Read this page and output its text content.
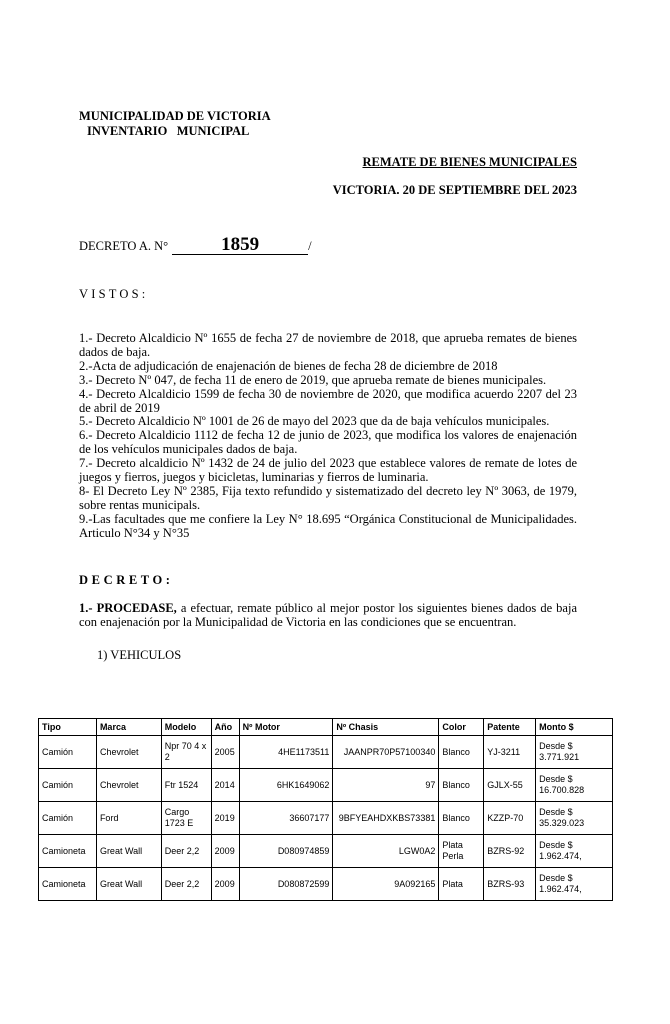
MUNICIPALIDAD DE VICTORIA
INVENTARIO   MUNICIPAL
REMATE DE BIENES MUNICIPALES
VICTORIA. 20 DE SEPTIEMBRE DEL 2023
DECRETO A. N°	1859	/
VISTOS:

1.- Decreto Alcaldicio Nº 1655 de fecha 27 de noviembre de 2018, que aprueba remates de bienes dados de baja.

2.-Acta de adjudicación de enajenación de bienes de fecha 28 de diciembre de 2018

3.- Decreto Nº 047, de fecha 11 de enero de 2019, que aprueba remate de bienes municipales.

4.- Decreto Alcaldicio 1599 de fecha 30 de noviembre de 2020, que modifica acuerdo 2207 del 23 de abril de 2019

5.- Decreto Alcaldicio Nº 1001 de 26 de mayo del 2023 que da de baja vehículos municipales.

6.- Decreto Alcaldicio 1112 de fecha 12 de junio de 2023, que modifica los valores de enajenación de los vehículos municipales dados de baja.

7.- Decreto alcaldicio Nº 1432 de 24 de julio del 2023 que establece valores de remate de lotes de juegos y fierros, juegos y bicicletas, luminarias y fierros de luminaria.

8- El Decreto Ley Nº 2385, Fija texto refundido y sistematizado del decreto ley Nº 3063, de 1979, sobre rentas municipals.

9.-Las facultades que me confiere la Ley N° 18.695 “Orgánica Constitucional de Municipalidades. Articulo N°34 y N°35

DECRETO:
1.- PROCEDASE, a efectuar, remate público al mejor postor los siguientes bienes dados de baja con enajenación por la Municipalidad de Victoria en las condiciones que se encuentran.
1) VEHICULOS
Tipo	Marca	Modelo	Año	Nº Motor	Nº Chasis	Color	Patente	Monto $
Camión	Chevrolet	Npr 70 4 x 2	2005	4HE1173511	JAANPR70P57100340	Blanco	YJ-3211	Desde $ 3.771.921
Camión	Chevrolet	Ftr 1524	2014	6HK1649062	97	Blanco	GJLX-55	Desde $ 16.700.828
Camión	Ford	Cargo 1723 E	2019	36607177	9BFYEAHDXKBS73381	Blanco	KZZP-70	Desde $ 35.329.023
Camioneta	Great Wall	Deer 2,2	2009	D080974859	LGW0A2	Plata Perla	BZRS-92	Desde $ 1.962.474,
Camioneta	Great Wall	Deer 2,2	2009	D080872599	9A092165	Plata	BZRS-93	Desde $ 1.962.474,
